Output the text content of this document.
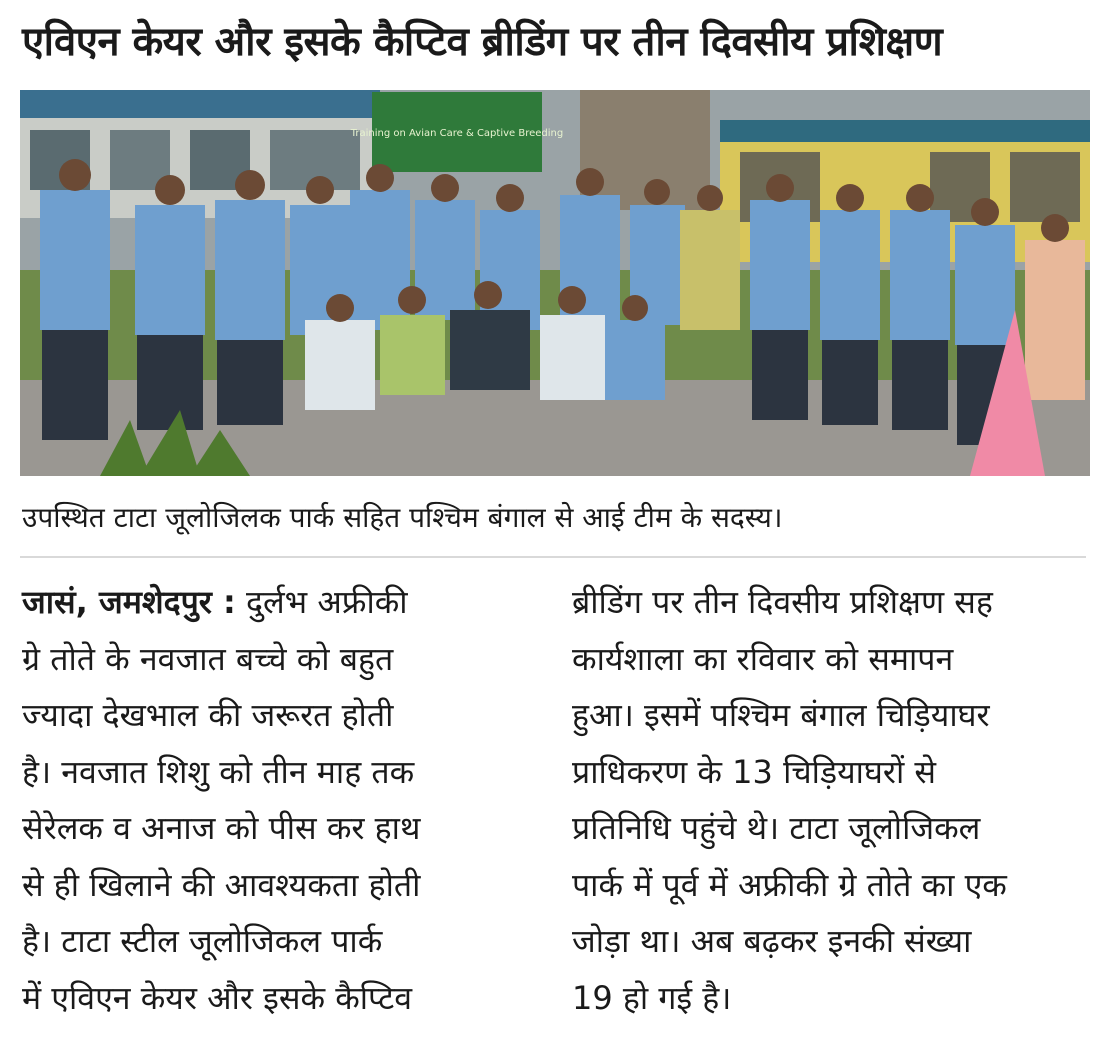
एविएन केयर और इसके कैप्टिव ब्रीडिंग पर तीन दिवसीय प्रशिक्षण
Training on Avian Care & Captive Breeding
उपस्थित टाटा जूलोजिलक पार्क सहित पश्चिम बंगाल से आई टीम के सदस्य।
जासं, जमशेदपुर : दुर्लभ अफ्रीकी
ग्रे तोते के नवजात बच्चे को बहुत
ज्यादा देखभाल की जरूरत होती
है। नवजात शिशु को तीन माह तक
सेरेलक व अनाज को पीस कर हाथ
से ही खिलाने की आवश्यकता होती
है। टाटा स्टील जूलोजिकल पार्क
में एविएन केयर और इसके कैप्टिव
ब्रीडिंग पर तीन दिवसीय प्रशिक्षण सह
कार्यशाला का रविवार को समापन
हुआ। इसमें पश्चिम बंगाल चिड़ियाघर
प्राधिकरण के 13 चिड़ियाघरों से
प्रतिनिधि पहुंचे थे। टाटा जूलोजिकल
पार्क में पूर्व में अफ्रीकी ग्रे तोते का एक
जोड़ा था। अब बढ़कर इनकी संख्या
19 हो गई है।
